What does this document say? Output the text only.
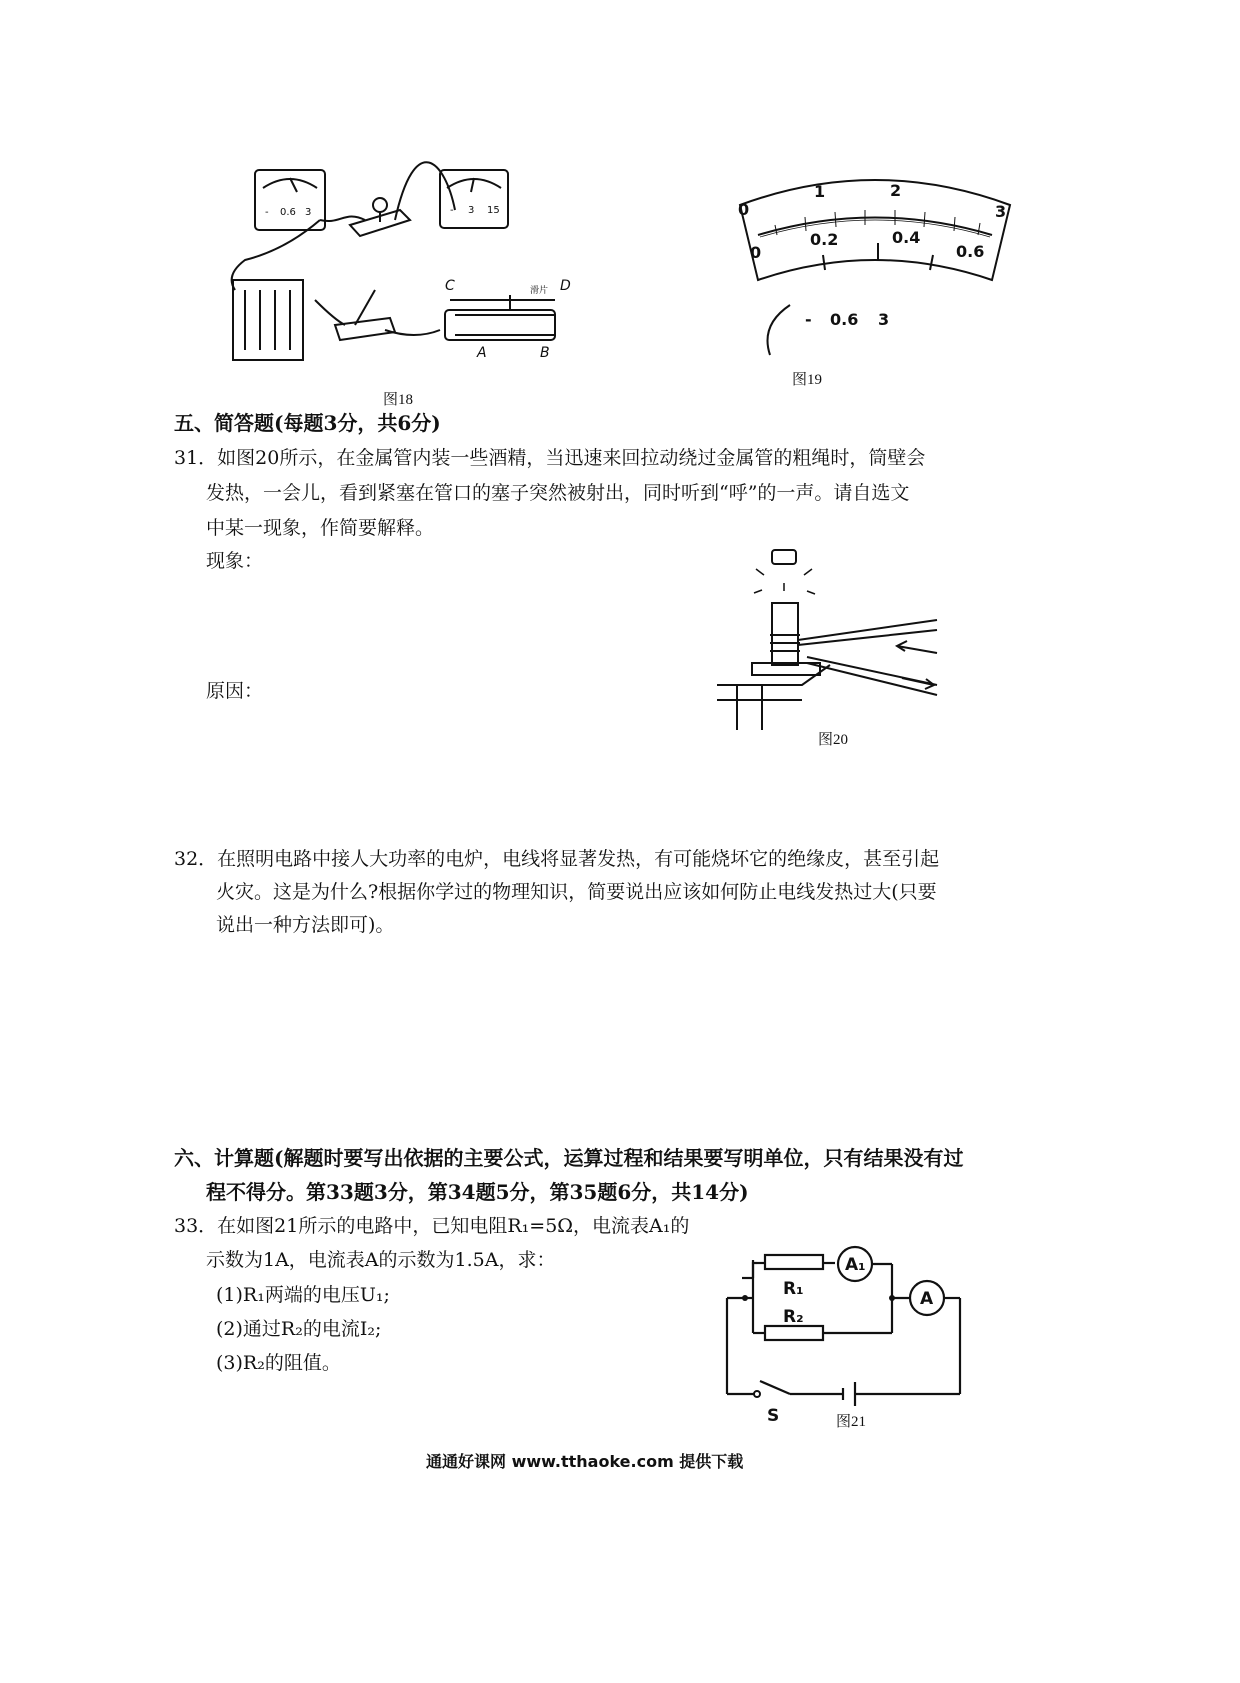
- 0.6 3	- 3 15
C	D
A	B
滑片
图18
0
1	2
3
0
0.2	0.4
0.6
- 0.6 3
图19
五、简答题(每题3分，共6分)
31．如图20所示，在金属管内装一些酒精，当迅速来回拉动绕过金属管的粗绳时，筒壁会
发热，一会儿，看到紧塞在管口的塞子突然被射出，同时听到“呼”的一声。请自选文
中某一现象，作简要解释。
现象：
原因：
图20
32．在照明电路中接人大功率的电炉，电线将显著发热，有可能烧坏它的绝缘皮，甚至引起
火灾。这是为什么?根据你学过的物理知识，简要说出应该如何防止电线发热过大(只要
说出一种方法即可)。
六、计算题(解题时要写出依据的主要公式，运算过程和结果要写明单位，只有结果没有过
程不得分。第33题3分，第34题5分，第35题6分，共14分)
33．在如图21所示的电路中，已知电阻R₁=5Ω，电流表A₁的
示数为1A，电流表A的示数为1.5A，求：
(1)R₁两端的电压U₁;
(2)通过R₂的电流I₂;
(3)R₂的阻值。
R₁
R₂
A₁
A
S	图21
通通好课网 www.tthaoke.com 提供下载
